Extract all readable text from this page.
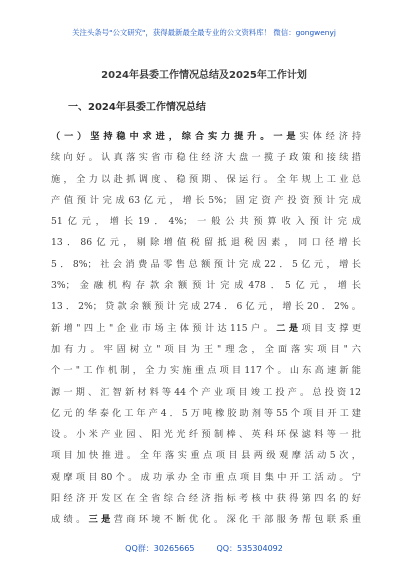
关注头条号"公文研究"，获得最新最全最专业的公文资料库！ 微信：gongwenyj
2024年县委工作情况总结及2025年工作计划
一、2024年县委工作情况总结
（一）坚持稳中求进，综合实力提升。一是实体经济持
续向好。认真落实省市稳住经济大盘一揽子政策和接续措
施，全力以赴抓调度、稳预期、保运行。全年规上工业总
产值预计完成63亿元，增长5%；固定资产投资预计完成
51亿元，增长19．4%；一般公共预算收入预计完成
13．86亿元，剔除增值税留抵退税因素，同口径增长
5．8%；社会消费品零售总额预计完成22．5亿元，增长
3%；金融机构存款余额预计完成478．5亿元，增长
13．2%；贷款余额预计完成274．6亿元，增长20．2%。
新增"四上"企业市场主体预计达115户。二是项目支撑更
加有力。牢固树立"项目为王"理念，全面落实项目"六
个一"工作机制，全力实施重点项目117个。山东高速新能
源一期、汇智新材料等44个产业项目竣工投产。总投资12
亿元的华泰化工年产4．5万吨橡胶助剂等55个项目开工建
设。小米产业园、阳光光纤预制棒、英科环保滤料等一批
项目加快推进。全年落实重点项目县两级观摩活动5次，
观摩项目80个。成功承办全市重点项目集中开工活动。宁
阳经济开发区在全省综合经济指标考核中获得第四名的好
成绩。三是营商环境不断优化。深化干部服务帮包联系重
QQ群：30265665	QQ：535304092
